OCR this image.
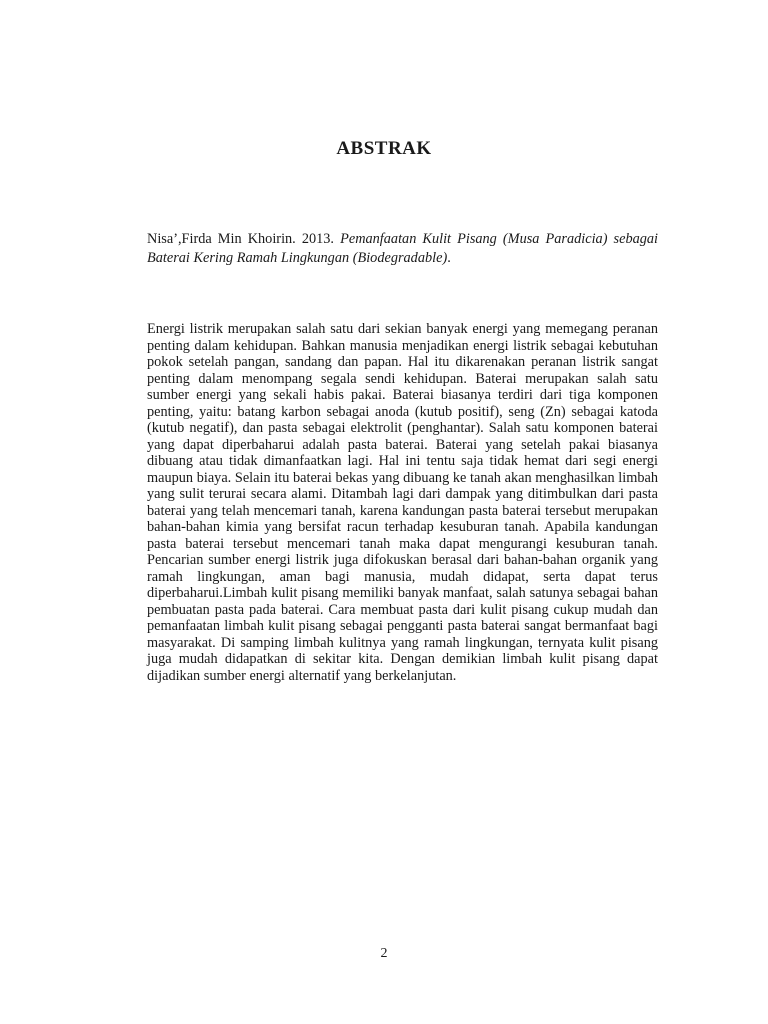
ABSTRAK
Nisa’,Firda Min Khoirin. 2013. Pemanfaatan Kulit Pisang (Musa Paradicia) sebagai Baterai Kering Ramah Lingkungan (Biodegradable).
Energi listrik merupakan salah satu dari sekian banyak energi yang memegang peranan penting dalam kehidupan. Bahkan manusia menjadikan energi listrik sebagai kebutuhan pokok setelah pangan, sandang dan papan. Hal itu dikarenakan peranan listrik sangat penting dalam menompang segala sendi kehidupan. Baterai merupakan salah satu sumber energi yang sekali habis pakai. Baterai biasanya terdiri dari tiga komponen penting, yaitu: batang karbon sebagai anoda (kutub positif), seng (Zn) sebagai katoda (kutub negatif), dan pasta sebagai elektrolit (penghantar). Salah satu komponen baterai yang dapat diperbaharui adalah pasta baterai. Baterai yang setelah pakai biasanya dibuang atau tidak dimanfaatkan lagi. Hal ini tentu saja tidak hemat dari segi energi maupun biaya. Selain itu baterai bekas yang dibuang ke tanah akan menghasilkan limbah yang sulit terurai secara alami. Ditambah lagi dari dampak yang ditimbulkan dari pasta baterai yang telah mencemari tanah, karena kandungan pasta baterai tersebut merupakan bahan-bahan kimia yang bersifat racun terhadap kesuburan tanah. Apabila kandungan pasta baterai tersebut mencemari tanah maka dapat mengurangi kesuburan tanah. Pencarian sumber energi listrik juga difokuskan berasal dari bahan-bahan organik yang ramah lingkungan, aman bagi manusia, mudah didapat, serta dapat terus diperbaharui.Limbah kulit pisang memiliki banyak manfaat, salah satunya sebagai bahan pembuatan pasta pada baterai. Cara membuat pasta dari kulit pisang cukup mudah dan pemanfaatan limbah kulit pisang sebagai pengganti pasta baterai sangat bermanfaat bagi masyarakat. Di samping limbah kulitnya yang ramah lingkungan, ternyata kulit pisang juga mudah didapatkan di sekitar kita. Dengan demikian limbah kulit pisang dapat dijadikan sumber energi alternatif yang berkelanjutan.
2
